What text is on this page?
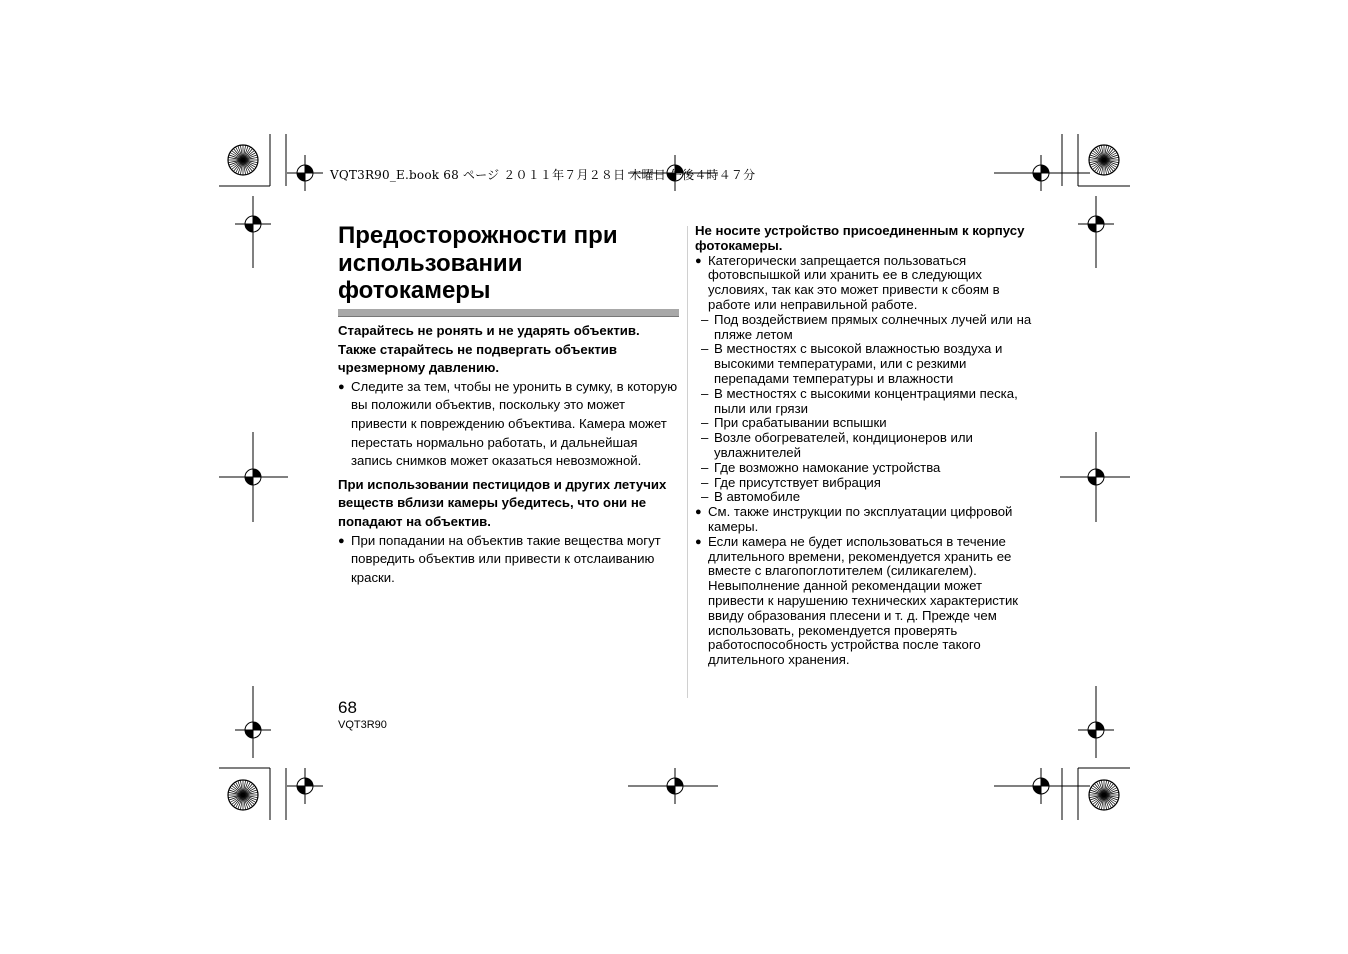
VQT3R90_E.book 68 ページ ２０１１年７月２８日 木曜日 午後４時４７分
Предосторожности при использовании фотокамеры

Старайтесь не ронять и не ударять объектив. Также старайтесь не подвергать объектив чрезмерному давлению.

● Следите за тем, чтобы не уронить в сумку, в которую вы положили объектив, поскольку это может привести к повреждению объектива. Камера может перестать нормально работать, и дальнейшая запись снимков может оказаться невозможной.

При использовании пестицидов и других летучих веществ вблизи камеры убедитесь, что они не попадают на объектив.

● При попадании на объектив такие вещества могут повредить объектив или привести к отслаиванию краски.

Не носите устройство присоединенным к корпусу фотокамеры.

● Категорически запрещается пользоваться фотовспышкой или хранить ее в следующих условиях, так как это может привести к сбоям в работе или неправильной работе.
– Под воздействием прямых солнечных лучей или на пляже летом
– В местностях с высокой влажностью воздуха и высокими температурами, или с резкими перепадами температуры и влажности
– В местностях с высокими концентрациями песка, пыли или грязи
– При срабатывании вспышки
– Возле обогревателей, кондиционеров или увлажнителей
– Где возможно намокание устройства
– Где присутствует вибрация
– В автомобиле
● См. также инструкции по эксплуатации цифровой камеры.
● Если камера не будет использоваться в течение длительного времени, рекомендуется хранить ее вместе с влагопоглотителем (силикагелем). Невыполнение данной рекомендации может привести к нарушению технических характеристик ввиду образования плесени и т. д. Прежде чем использовать, рекомендуется проверять работоспособность устройства после такого длительного хранения.
68
VQT3R90
